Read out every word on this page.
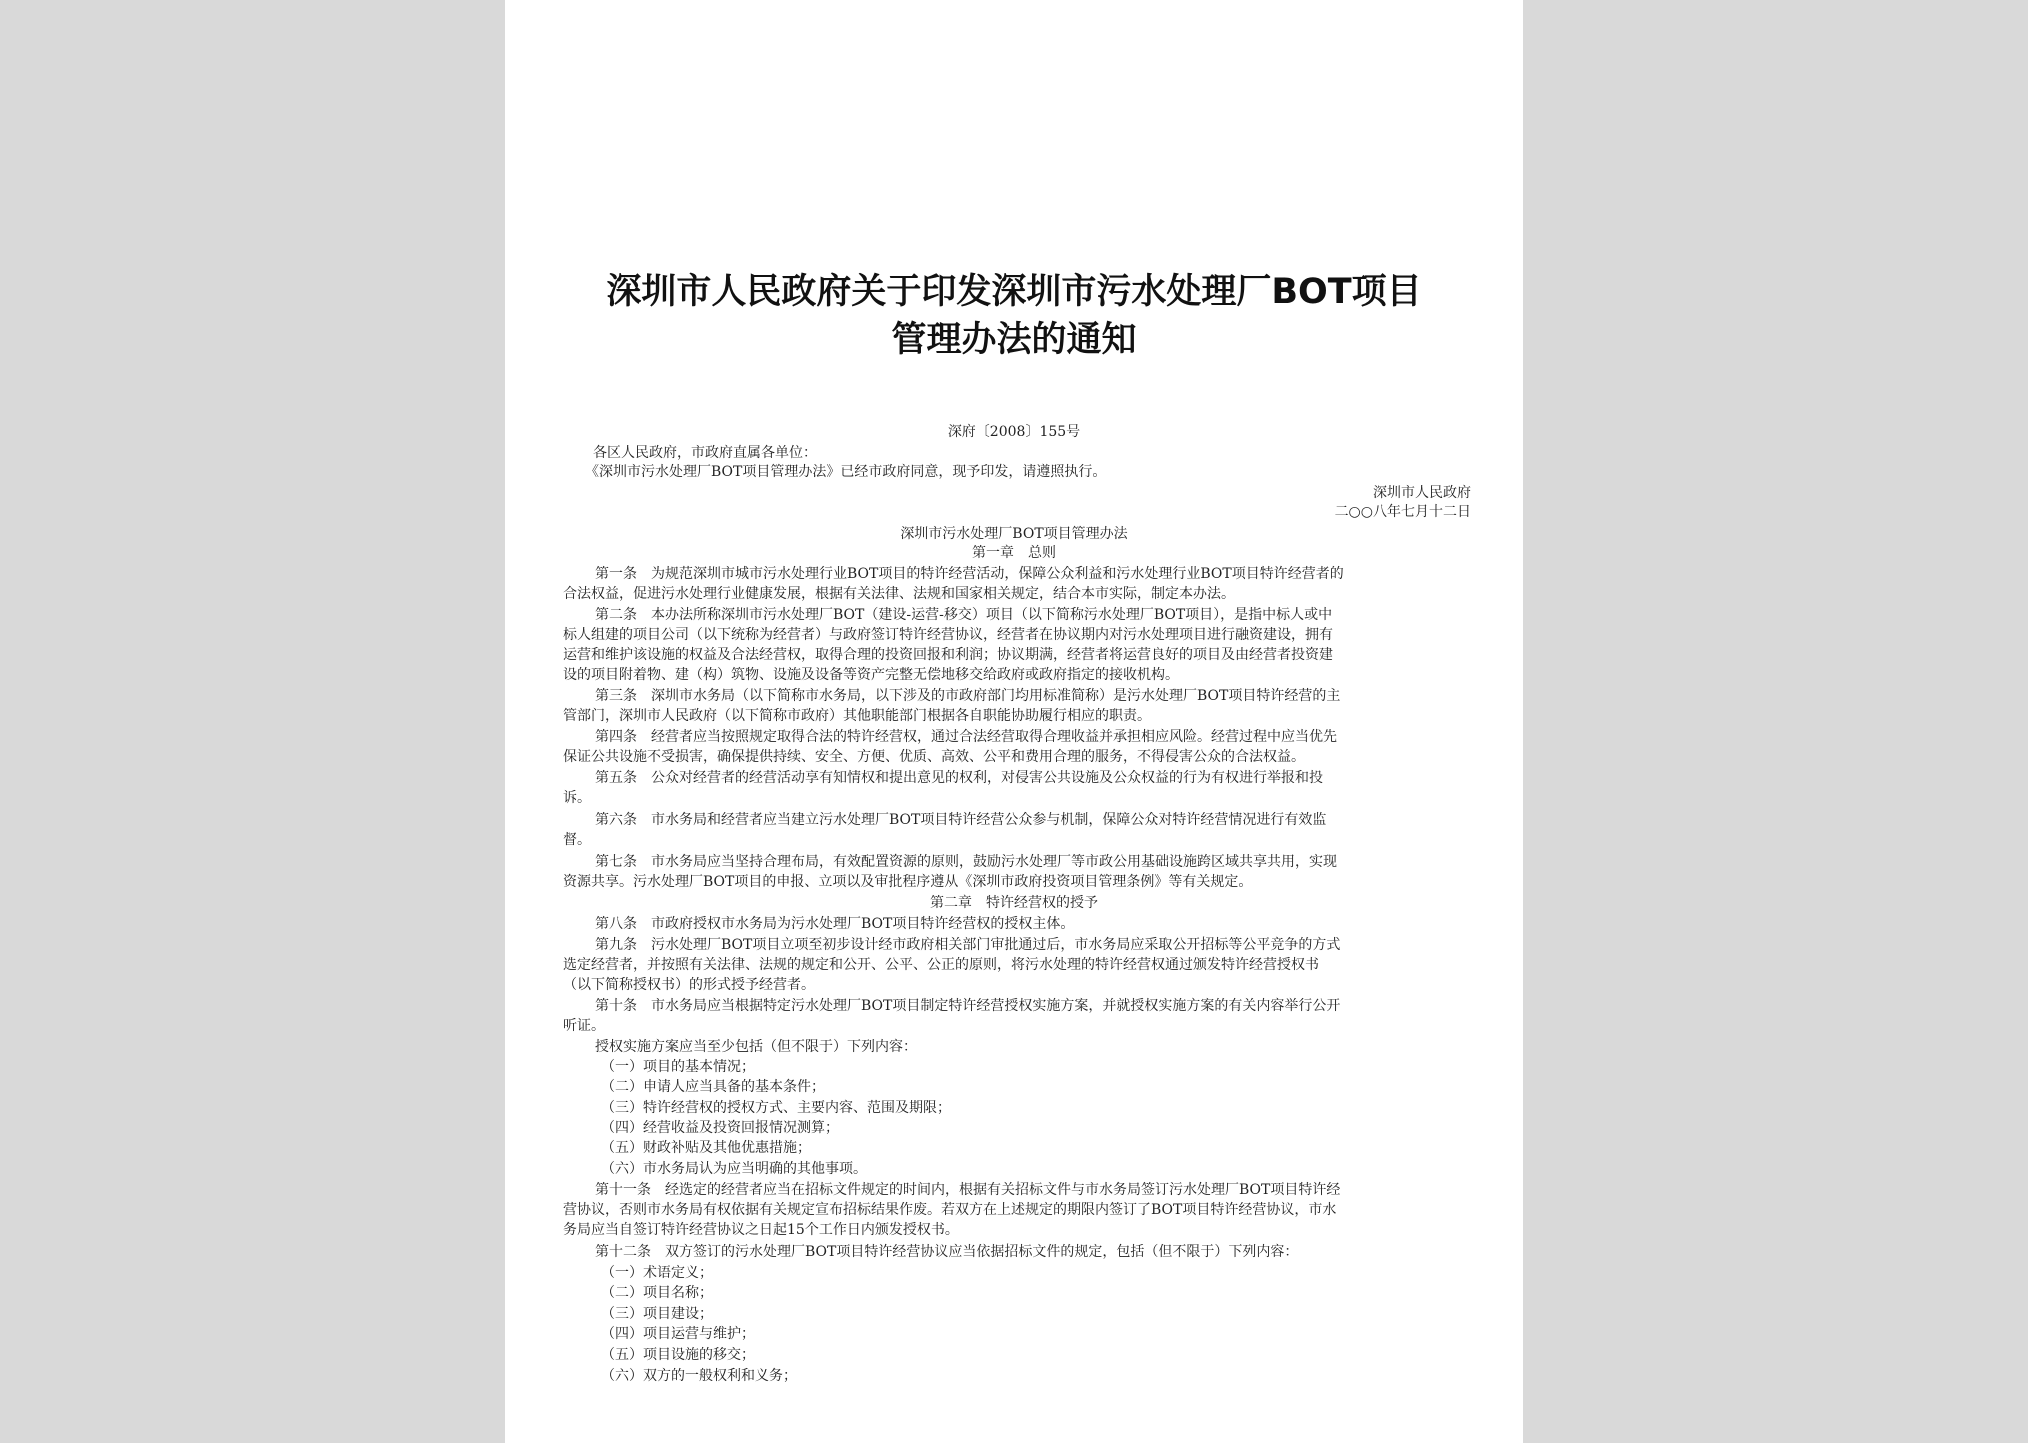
深圳市人民政府关于印发深圳市污水处理厂BOT项目
管理办法的通知
深府〔2008〕155号
各区人民政府，市政府直属各单位：
《深圳市污水处理厂BOT项目管理办法》已经市政府同意，现予印发，请遵照执行。
深圳市人民政府
二○○八年七月十二日
深圳市污水处理厂BOT项目管理办法
第一章　总则
第一条　为规范深圳市城市污水处理行业BOT项目的特许经营活动，保障公众利益和污水处理行业BOT项目特许经营者的
合法权益，促进污水处理行业健康发展，根据有关法律、法规和国家相关规定，结合本市实际，制定本办法。
第二条　本办法所称深圳市污水处理厂BOT（建设-运营-移交）项目（以下简称污水处理厂BOT项目），是指中标人或中
标人组建的项目公司（以下统称为经营者）与政府签订特许经营协议，经营者在协议期内对污水处理项目进行融资建设，拥有
运营和维护该设施的权益及合法经营权，取得合理的投资回报和利润；协议期满，经营者将运营良好的项目及由经营者投资建
设的项目附着物、建（构）筑物、设施及设备等资产完整无偿地移交给政府或政府指定的接收机构。
第三条　深圳市水务局（以下简称市水务局，以下涉及的市政府部门均用标准简称）是污水处理厂BOT项目特许经营的主
管部门，深圳市人民政府（以下简称市政府）其他职能部门根据各自职能协助履行相应的职责。
第四条　经营者应当按照规定取得合法的特许经营权，通过合法经营取得合理收益并承担相应风险。经营过程中应当优先
保证公共设施不受损害，确保提供持续、安全、方便、优质、高效、公平和费用合理的服务，不得侵害公众的合法权益。
第五条　公众对经营者的经营活动享有知情权和提出意见的权利，对侵害公共设施及公众权益的行为有权进行举报和投
诉。
第六条　市水务局和经营者应当建立污水处理厂BOT项目特许经营公众参与机制，保障公众对特许经营情况进行有效监
督。
第七条　市水务局应当坚持合理布局，有效配置资源的原则，鼓励污水处理厂等市政公用基础设施跨区域共享共用，实现
资源共享。污水处理厂BOT项目的申报、立项以及审批程序遵从《深圳市政府投资项目管理条例》等有关规定。
第二章　特许经营权的授予
第八条　市政府授权市水务局为污水处理厂BOT项目特许经营权的授权主体。
第九条　污水处理厂BOT项目立项至初步设计经市政府相关部门审批通过后，市水务局应采取公开招标等公平竞争的方式
选定经营者，并按照有关法律、法规的规定和公开、公平、公正的原则，将污水处理的特许经营权通过颁发特许经营授权书
（以下简称授权书）的形式授予经营者。
第十条　市水务局应当根据特定污水处理厂BOT项目制定特许经营授权实施方案，并就授权实施方案的有关内容举行公开
听证。
授权实施方案应当至少包括（但不限于）下列内容：
（一）项目的基本情况；
（二）申请人应当具备的基本条件；
（三）特许经营权的授权方式、主要内容、范围及期限；
（四）经营收益及投资回报情况测算；
（五）财政补贴及其他优惠措施；
（六）市水务局认为应当明确的其他事项。
第十一条　经选定的经营者应当在招标文件规定的时间内，根据有关招标文件与市水务局签订污水处理厂BOT项目特许经
营协议，否则市水务局有权依据有关规定宣布招标结果作废。若双方在上述规定的期限内签订了BOT项目特许经营协议，市水
务局应当自签订特许经营协议之日起15个工作日内颁发授权书。
第十二条　双方签订的污水处理厂BOT项目特许经营协议应当依据招标文件的规定，包括（但不限于）下列内容：
（一）术语定义；
（二）项目名称；
（三）项目建设；
（四）项目运营与维护；
（五）项目设施的移交；
（六）双方的一般权利和义务；
